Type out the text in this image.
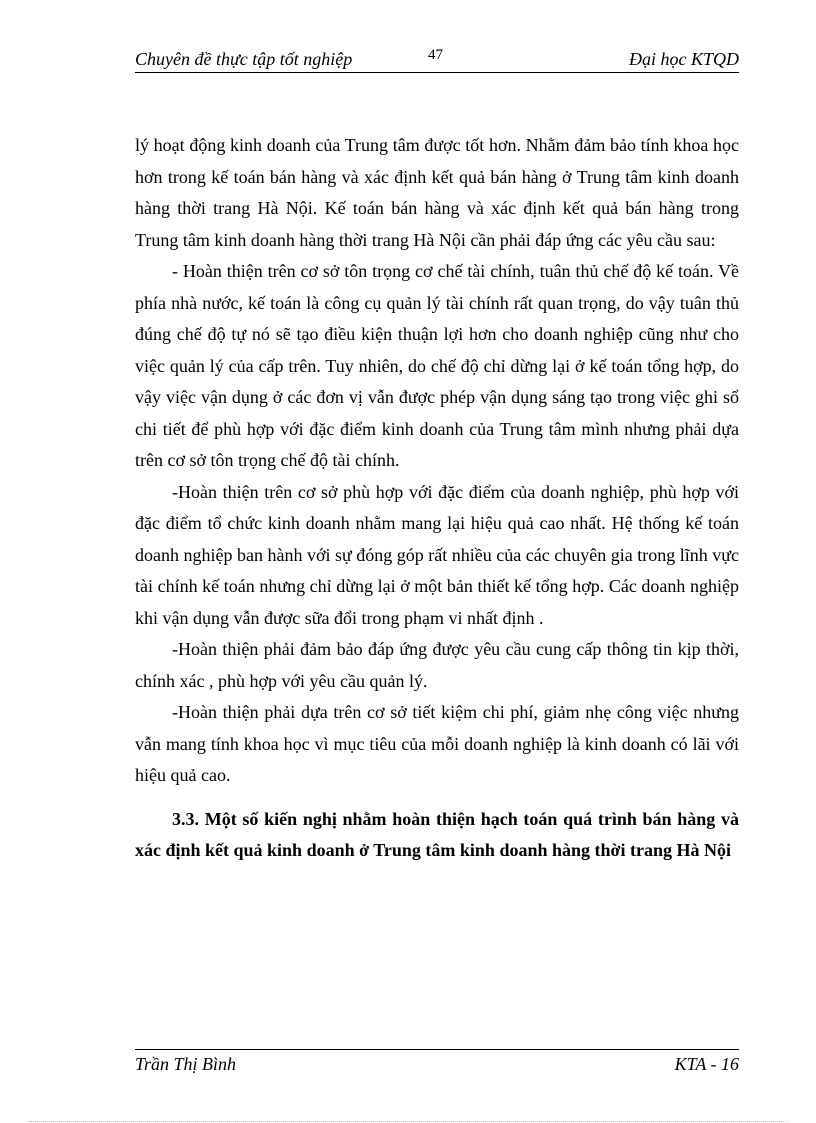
Chuyên đề thực tập tốt nghiệp	47	Đại học KTQD

lý hoạt động kinh doanh của Trung tâm được tốt hơn. Nhằm đảm bảo tính khoa học hơn trong kế toán bán hàng và xác định kết quả bán hàng ở Trung tâm kinh doanh hàng thời trang Hà Nội. Kế toán bán hàng và xác định kết quả bán hàng trong Trung tâm kinh doanh hàng thời trang Hà Nội cần phải đáp ứng các yêu cầu sau:

- Hoàn thiện trên cơ sở tôn trọng cơ chế tài chính, tuân thủ chế độ kế toán. Về phía nhà nước, kế toán là công cụ quản lý tài chính rất quan trọng, do vậy tuân thủ đúng chế độ tự nó sẽ tạo điều kiện thuận lợi hơn cho doanh nghiệp cũng như cho việc quản lý của cấp trên. Tuy nhiên, do chế độ chỉ dừng lại ở kế toán tổng hợp, do vậy việc vận dụng ở các đơn vị vẫn được phép vận dụng sáng tạo trong việc ghi sổ chi tiết để phù hợp với đặc điểm kinh doanh của Trung tâm mình nhưng phải dựa trên cơ sở tôn trọng chế độ tài chính.

-Hoàn thiện trên cơ sở phù hợp với đặc điểm của doanh nghiệp, phù hợp với đặc điểm tổ chức kinh doanh nhằm mang lại hiệu quả cao nhất. Hệ thống kế toán doanh nghiệp ban hành với sự đóng góp rất nhiều của các chuyên gia trong lĩnh vực tài chính kế toán nhưng chỉ dừng lại ở một bản thiết kế tổng hợp. Các doanh nghiệp khi vận dụng vẫn được sữa đổi trong phạm vi nhất định .

-Hoàn thiện phải đảm bảo đáp ứng được yêu cầu cung cấp thông tin kịp thời, chính xác , phù hợp với yêu cầu quản lý.

-Hoàn thiện phải dựa trên cơ sở tiết kiệm chi phí, giảm nhẹ công việc nhưng vẫn mang tính khoa học vì mục tiêu của mỗi doanh nghiệp là kinh doanh có lãi với hiệu quả cao.

3.3. Một số kiến nghị nhằm hoàn thiện hạch toán quá trình bán hàng và xác định kết quả kinh doanh ở Trung tâm kinh doanh hàng thời trang Hà Nội

Trần Thị Bình	KTA - 16
